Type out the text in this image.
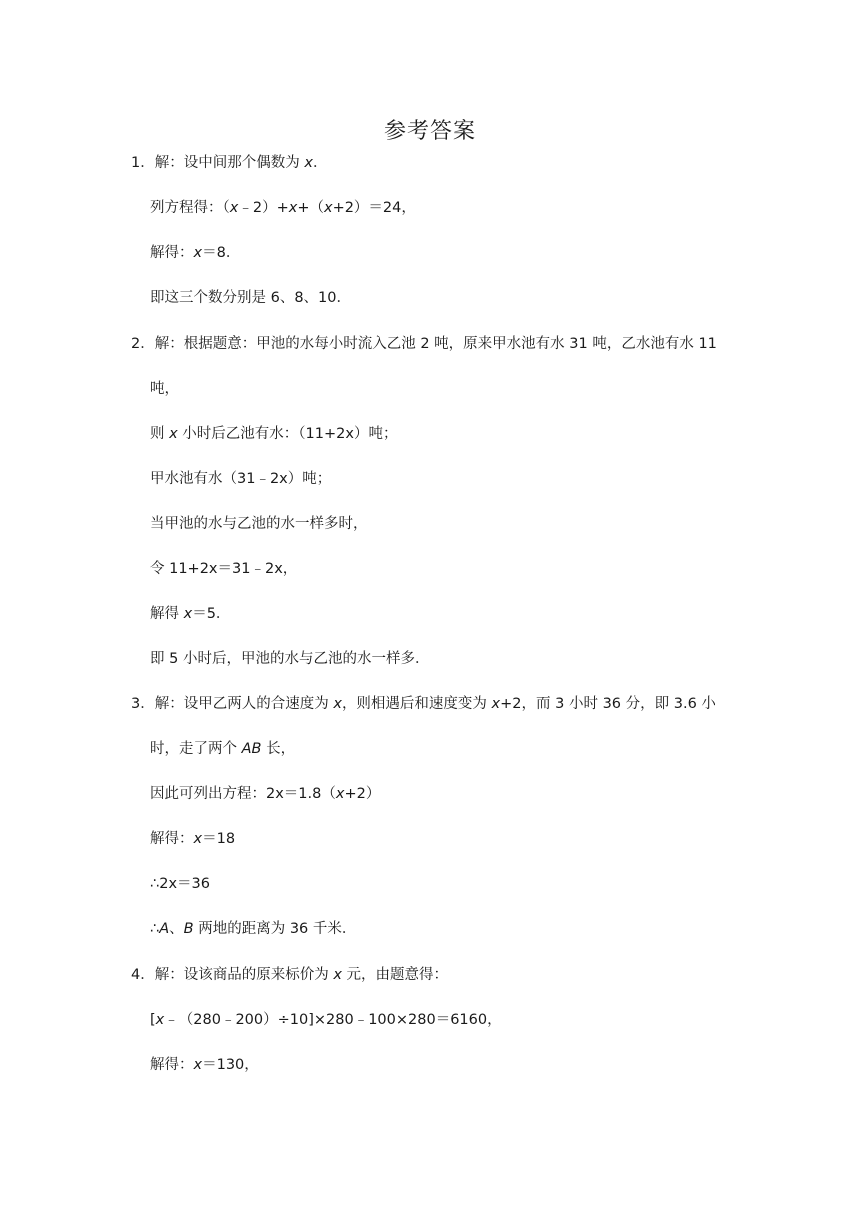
参考答案
1．解：设中间那个偶数为 x．
列方程得：（x﹣2）+x+（x+2）＝24，
解得：x＝8．
即这三个数分别是 6、8、10．
2．解：根据题意：甲池的水每小时流入乙池 2 吨，原来甲水池有水 31 吨，乙水池有水 11
吨，
则 x 小时后乙池有水：（11+2x）吨；
甲水池有水（31﹣2x）吨；
当甲池的水与乙池的水一样多时，
令 11+2x＝31﹣2x，
解得 x＝5．
即 5 小时后，甲池的水与乙池的水一样多．
3．解：设甲乙两人的合速度为 x，则相遇后和速度变为 x+2，而 3 小时 36 分，即 3.6 小
时，走了两个 AB 长，
因此可列出方程：2x＝1.8（x+2）
解得：x＝18
∴2x＝36
∴A、B 两地的距离为 36 千米．
4．解：设该商品的原来标价为 x 元，由题意得：
[x﹣（280﹣200）÷10]×280﹣100×280＝6160，
解得：x＝130，
